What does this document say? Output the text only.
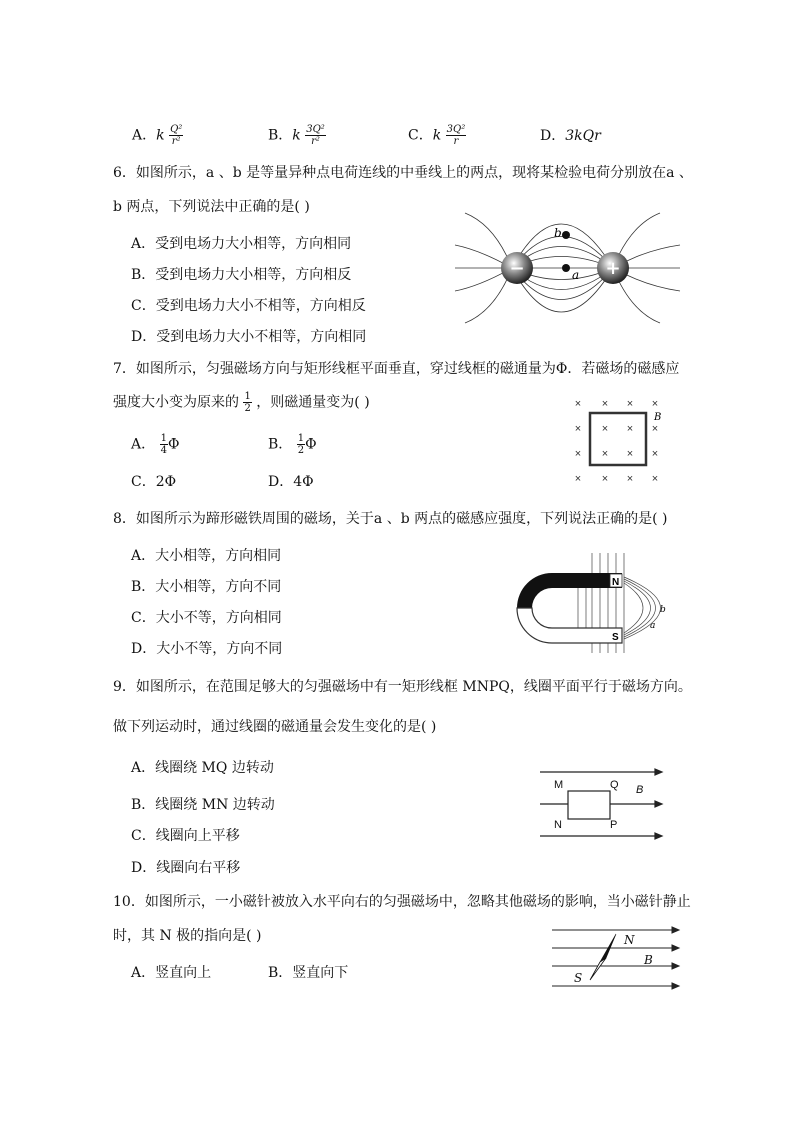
A．k $\frac{\text{Q²}}{\text{r²}}$	B．k $\frac{\text{3Q²}}{\text{r²}}$	C．k $\frac{\text{3Q²}}{r}$	D．3kQr
6．如图所示，a 、b 是等量异种点电荷连线的中垂线上的两点，现将某检验电荷分别放在a 、
b 两点，下列说法中正确的是( )
A．受到电场力大小相等，方向相同
B．受到电场力大小相等，方向相反
C．受到电场力大小不相等，方向相反
D．受到电场力大小不相等，方向相同
−	+
b
a
7．如图所示，匀强磁场方向与矩形线框平面垂直，穿过线框的磁通量为Φ．若磁场的磁感应
强度大小变为原来的 $\frac{1}{2}$ ，则磁通量变为( )
A． $\frac{1}{4}$ Φ	B． $\frac{1}{2}$ Φ
C．2Φ	D．4Φ
× × × ×
× × × ×
× × × ×
× × × ×
B
8．如图所示为蹄形磁铁周围的磁场，关于a 、b 两点的磁感应强度，下列说法正确的是( )
A．大小相等，方向相同
B．大小相等，方向不同
C．大小不等，方向相同
D．大小不等，方向不同
N
S
b
a
9．如图所示，在范围足够大的匀强磁场中有一矩形线框 MNPQ，线圈平面平行于磁场方向。
做下列运动时，通过线圈的磁通量会发生变化的是( )
A．线圈绕 MQ 边转动
B．线圈绕 MN 边转动
C．线圈向上平移
D．线圈向右平移
M	Q
N	P
B
10．如图所示，一小磁针被放入水平向右的匀强磁场中，忽略其他磁场的影响，当小磁针静止
时，其 N 极的指向是( )
A．竖直向上	B．竖直向下
N
S
B
